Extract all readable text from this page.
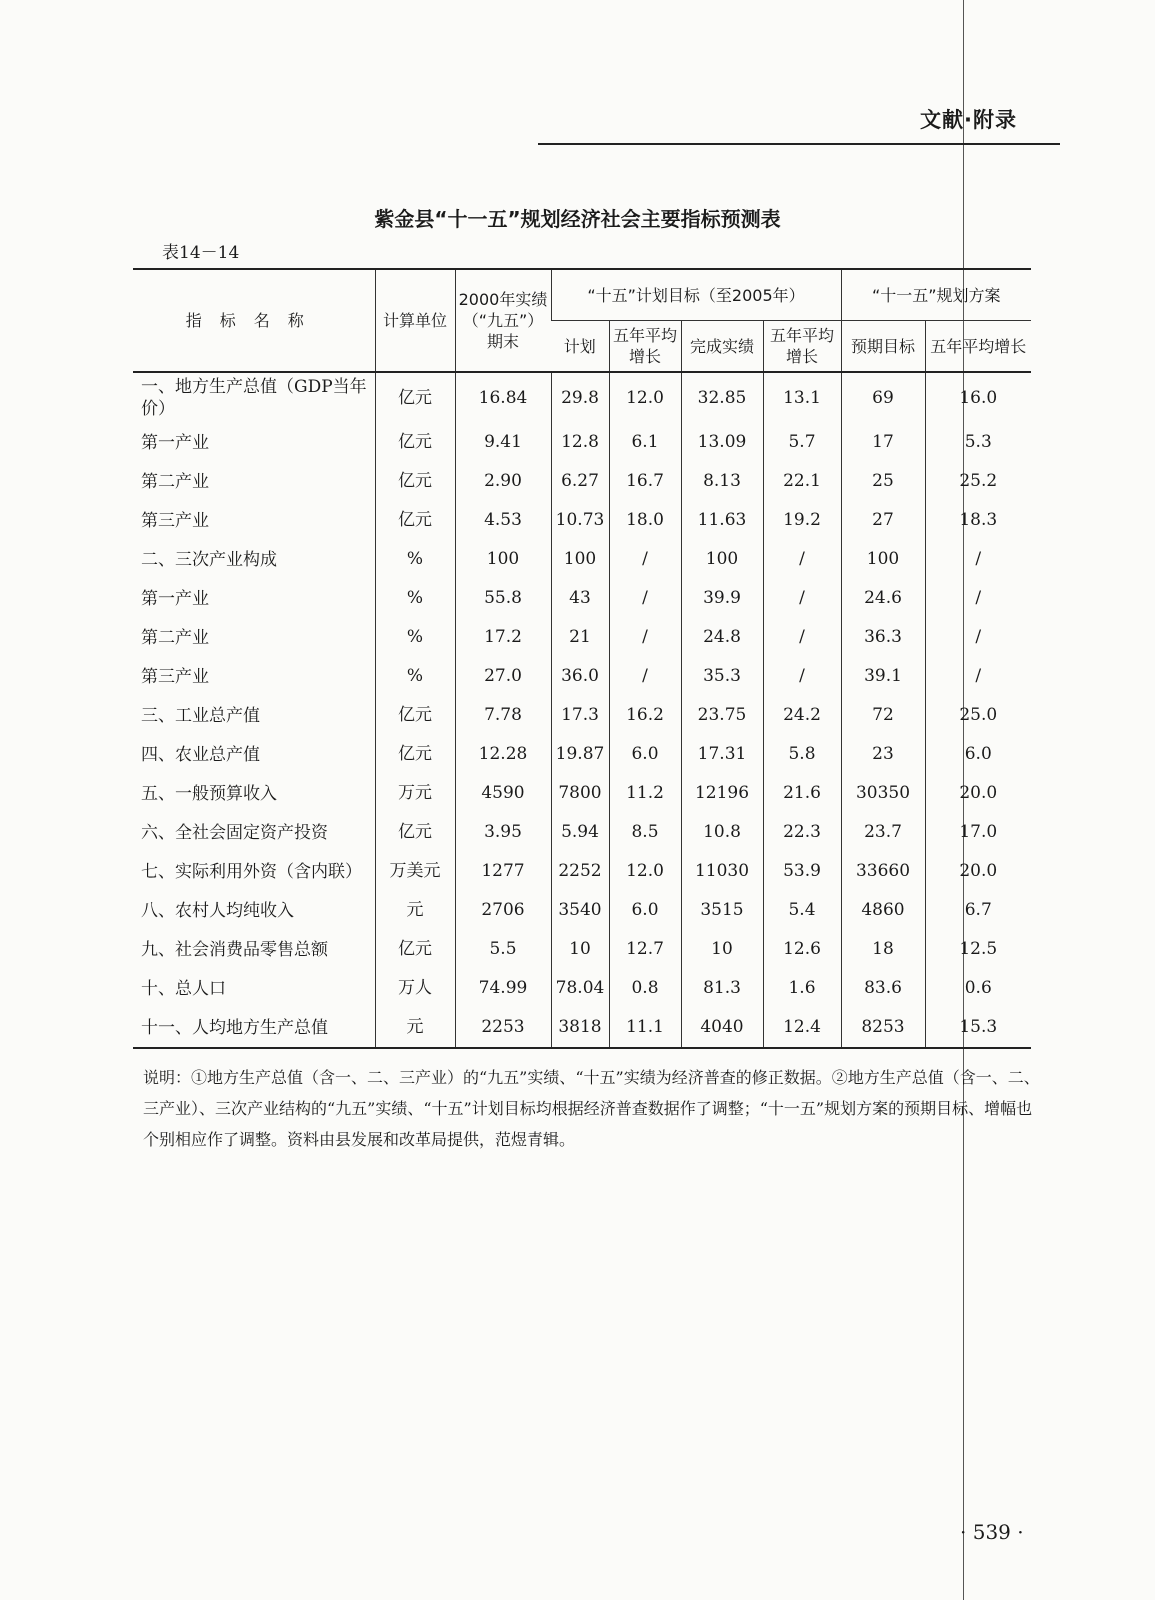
文献·附录
紫金县“十一五”规划经济社会主要指标预测表
表14－14
指标名称	计算单位	2000年实绩（“九五”）期末	“十五”计划目标（至2005年）				“十一五”规划方案	
			计划	五年平均增长	完成实绩	五年平均增长	预期目标	五年平均增长
一、地方生产总值（GDP当年价）	亿元	16.84	29.8	12.0	32.85	13.1	69	16.0
第一产业	亿元	9.41	12.8	6.1	13.09	5.7	17	5.3
第二产业	亿元	2.90	6.27	16.7	8.13	22.1	25	25.2
第三产业	亿元	4.53	10.73	18.0	11.63	19.2	27	18.3
二、三次产业构成	%	100	100	/	100	/	100	/
第一产业	%	55.8	43	/	39.9	/	24.6	/
第二产业	%	17.2	21	/	24.8	/	36.3	/
第三产业	%	27.0	36.0	/	35.3	/	39.1	/
三、工业总产值	亿元	7.78	17.3	16.2	23.75	24.2	72	25.0
四、农业总产值	亿元	12.28	19.87	6.0	17.31	5.8	23	6.0
五、一般预算收入	万元	4590	7800	11.2	12196	21.6	30350	20.0
六、全社会固定资产投资	亿元	3.95	5.94	8.5	10.8	22.3	23.7	17.0
七、实际利用外资（含内联）	万美元	1277	2252	12.0	11030	53.9	33660	20.0
八、农村人均纯收入	元	2706	3540	6.0	3515	5.4	4860	6.7
九、社会消费品零售总额	亿元	5.5	10	12.7	10	12.6	18	12.5
十、总人口	万人	74.99	78.04	0.8	81.3	1.6	83.6	0.6
十一、人均地方生产总值	元	2253	3818	11.1	4040	12.4	8253	15.3
说明：①地方生产总值（含一、二、三产业）的“九五”实绩、“十五”实绩为经济普查的修正数据。②地方生产总值（含一、二、三产业）、三次产业结构的“九五”实绩、“十五”计划目标均根据经济普查数据作了调整；“十一五”规划方案的预期目标、增幅也个别相应作了调整。资料由县发展和改革局提供，范煜青辑。
· 539 ·
